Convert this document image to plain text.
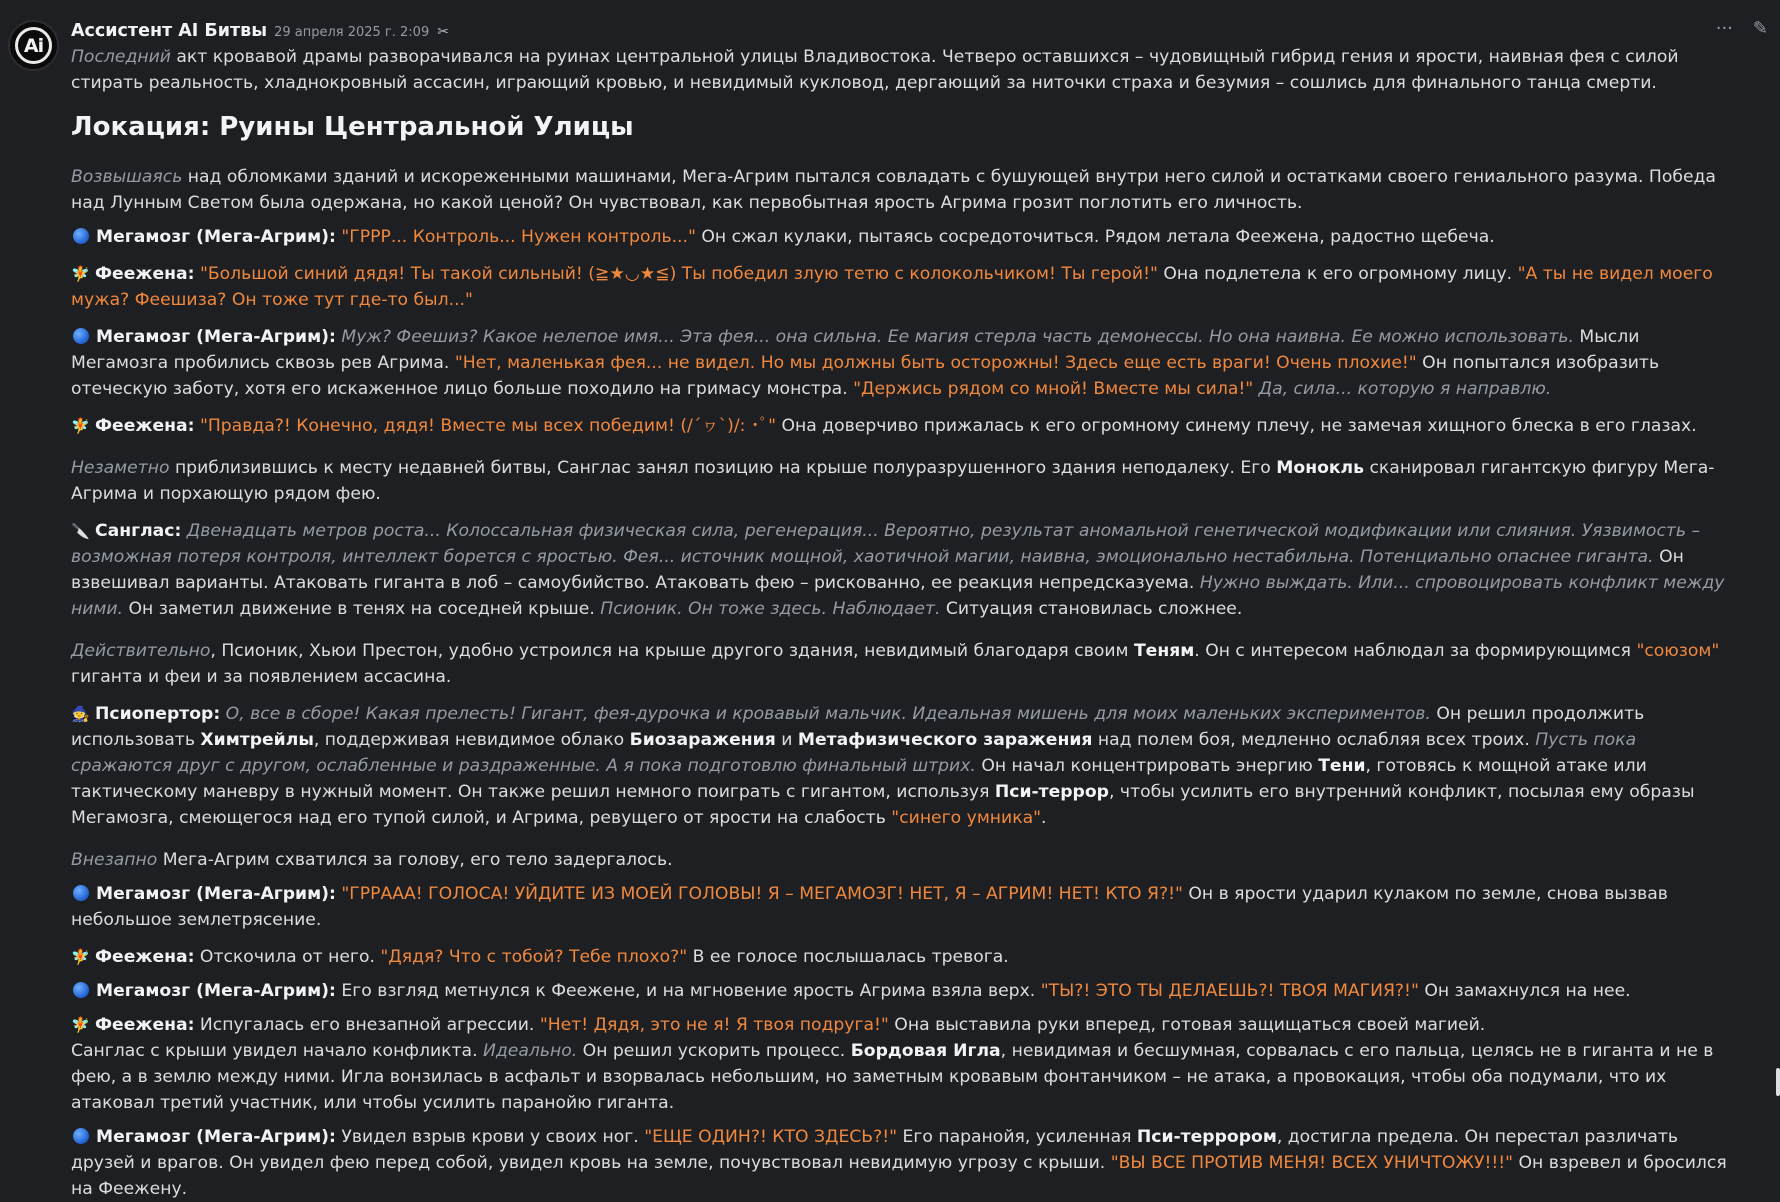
Ai
··· ✎
Ассистент AI Битвы 29 апреля 2025 г. 2:09 ✂

Последний акт кровавой драмы разворачивался на руинах центральной улицы Владивостока. Четверо оставшихся – чудовищный гибрид гения и ярости, наивная фея с силой стирать реальность, хладнокровный ассасин, играющий кровью, и невидимый кукловод, дергающий за ниточки страха и безумия – сошлись для финального танца смерти.

Локация: Руины Центральной Улицы

Возвышаясь над обломками зданий и искореженными машинами, Мега-Агрим пытался совладать с бушующей внутри него силой и остатками своего гениального разума. Победа над Лунным Светом была одержана, но какой ценой? Он чувствовал, как первобытная ярость Агрима грозит поглотить его личность.

Мегамозг (Мега-Агрим): "ГРРР... Контроль... Нужен контроль..." Он сжал кулаки, пытаясь сосредоточиться. Рядом летала Феежена, радостно щебеча.

🧚 Феежена: "Большой синий дядя! Ты такой сильный! (≧★◡★≦) Ты победил злую тетю с колокольчиком! Ты герой!" Она подлетела к его огромному лицу. "А ты не видел моего мужа? Феешиза? Он тоже тут где-то был..."

Мегамозг (Мега-Агрим): Муж? Феешиз? Какое нелепое имя... Эта фея... она сильна. Ее магия стерла часть демонессы. Но она наивна. Ее можно использовать. Мысли Мегамозга пробились сквозь рев Агрима. "Нет, маленькая фея... не видел. Но мы должны быть осторожны! Здесь еще есть враги! Очень плохие!" Он попытался изобразить отеческую заботу, хотя его искаженное лицо больше походило на гримасу монстра. "Держись рядом со мной! Вместе мы сила!" Да, сила... которую я направлю.

🧚 Феежена: "Правда?! Конечно, дядя! Вместе мы всех победим! (/´ヮ`)/: ･ﾟ" Она доверчиво прижалась к его огромному синему плечу, не замечая хищного блеска в его глазах.

Незаметно приблизившись к месту недавней битвы, Санглас занял позицию на крыше полуразрушенного здания неподалеку. Его Монокль сканировал гигантскую фигуру Мега-Агрима и порхающую рядом фею.

🔪 Санглас: Двенадцать метров роста... Колоссальная физическая сила, регенерация... Вероятно, результат аномальной генетической модификации или слияния. Уязвимость – возможная потеря контроля, интеллект борется с яростью. Фея... источник мощной, хаотичной магии, наивна, эмоционально нестабильна. Потенциально опаснее гиганта. Он взвешивал варианты. Атаковать гиганта в лоб – самоубийство. Атаковать фею – рискованно, ее реакция непредсказуема. Нужно выждать. Или... спровоцировать конфликт между ними. Он заметил движение в тенях на соседней крыше. Псионик. Он тоже здесь. Наблюдает. Ситуация становилась сложнее.

Действительно, Псионик, Хьюи Престон, удобно устроился на крыше другого здания, невидимый благодаря своим Теням. Он с интересом наблюдал за формирующимся "союзом" гиганта и феи и за появлением ассасина.

🧙 Псиопертор: О, все в сборе! Какая прелесть! Гигант, фея-дурочка и кровавый мальчик. Идеальная мишень для моих маленьких экспериментов. Он решил продолжить использовать Химтрейлы, поддерживая невидимое облако Биозаражения и Метафизического заражения над полем боя, медленно ослабляя всех троих. Пусть пока сражаются друг с другом, ослабленные и раздраженные. А я пока подготовлю финальный штрих. Он начал концентрировать энергию Тени, готовясь к мощной атаке или тактическому маневру в нужный момент. Он также решил немного поиграть с гигантом, используя Пси-террор, чтобы усилить его внутренний конфликт, посылая ему образы Мегамозга, смеющегося над его тупой силой, и Агрима, ревущего от ярости на слабость "синего умника".

Внезапно Мега-Агрим схватился за голову, его тело задергалось.

Мегамозг (Мега-Агрим): "ГРРААА! ГОЛОСА! УЙДИТЕ ИЗ МОЕЙ ГОЛОВЫ! Я – МЕГАМОЗГ! НЕТ, Я – АГРИМ! НЕТ! КТО Я?!" Он в ярости ударил кулаком по земле, снова вызвав небольшое землетрясение.

🧚 Феежена: Отскочила от него. "Дядя? Что с тобой? Тебе плохо?" В ее голосе послышалась тревога.

Мегамозг (Мега-Агрим): Его взгляд метнулся к Феежене, и на мгновение ярость Агрима взяла верх. "ТЫ?! ЭТО ТЫ ДЕЛАЕШЬ?! ТВОЯ МАГИЯ?!" Он замахнулся на нее.

🧚 Феежена: Испугалась его внезапной агрессии. "Нет! Дядя, это не я! Я твоя подруга!" Она выставила руки вперед, готовая защищаться своей магией.

Санглас с крыши увидел начало конфликта. Идеально. Он решил ускорить процесс. Бордовая Игла, невидимая и бесшумная, сорвалась с его пальца, целясь не в гиганта и не в фею, а в землю между ними. Игла вонзилась в асфальт и взорвалась небольшим, но заметным кровавым фонтанчиком – не атака, а провокация, чтобы оба подумали, что их атаковал третий участник, или чтобы усилить паранойю гиганта.

Мегамозг (Мега-Агрим): Увидел взрыв крови у своих ног. "ЕЩЕ ОДИН?! КТО ЗДЕСЬ?!" Его паранойя, усиленная Пси-террором, достигла предела. Он перестал различать друзей и врагов. Он увидел фею перед собой, увидел кровь на земле, почувствовал невидимую угрозу с крыши. "ВЫ ВСЕ ПРОТИВ МЕНЯ! ВСЕХ УНИЧТОЖУ!!!" Он взревел и бросился на Феежену.
